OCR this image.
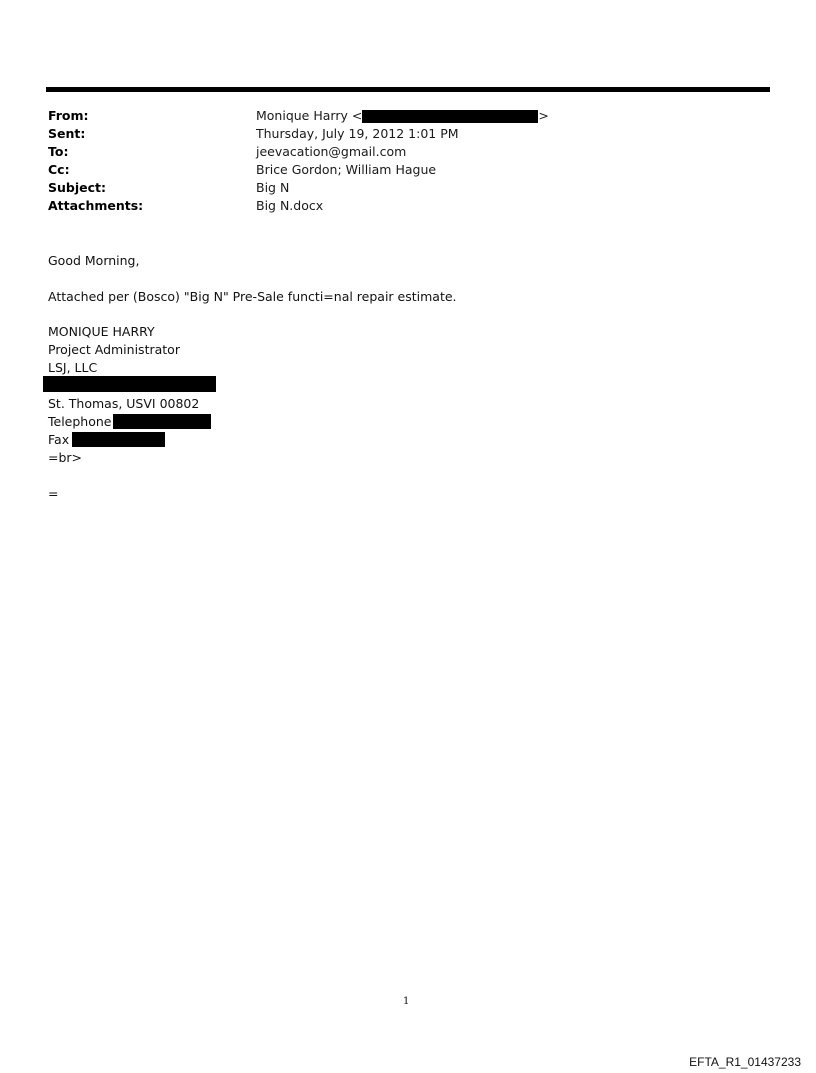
From:	Monique Harry <	>
Sent:	Thursday, July 19, 2012 1:01 PM
To:	jeevacation@gmail.com
Cc:	Brice Gordon; William Hague
Subject:	Big N
Attachments:	Big N.docx
Good Morning,
Attached per (Bosco) "Big N" Pre-Sale functi=nal repair estimate.
MONIQUE HARRY
Project Administrator
LSJ, LLC
St. Thomas, USVI 00802
Telephone
Fax
=br>
=
1
EFTA_R1_01437233
